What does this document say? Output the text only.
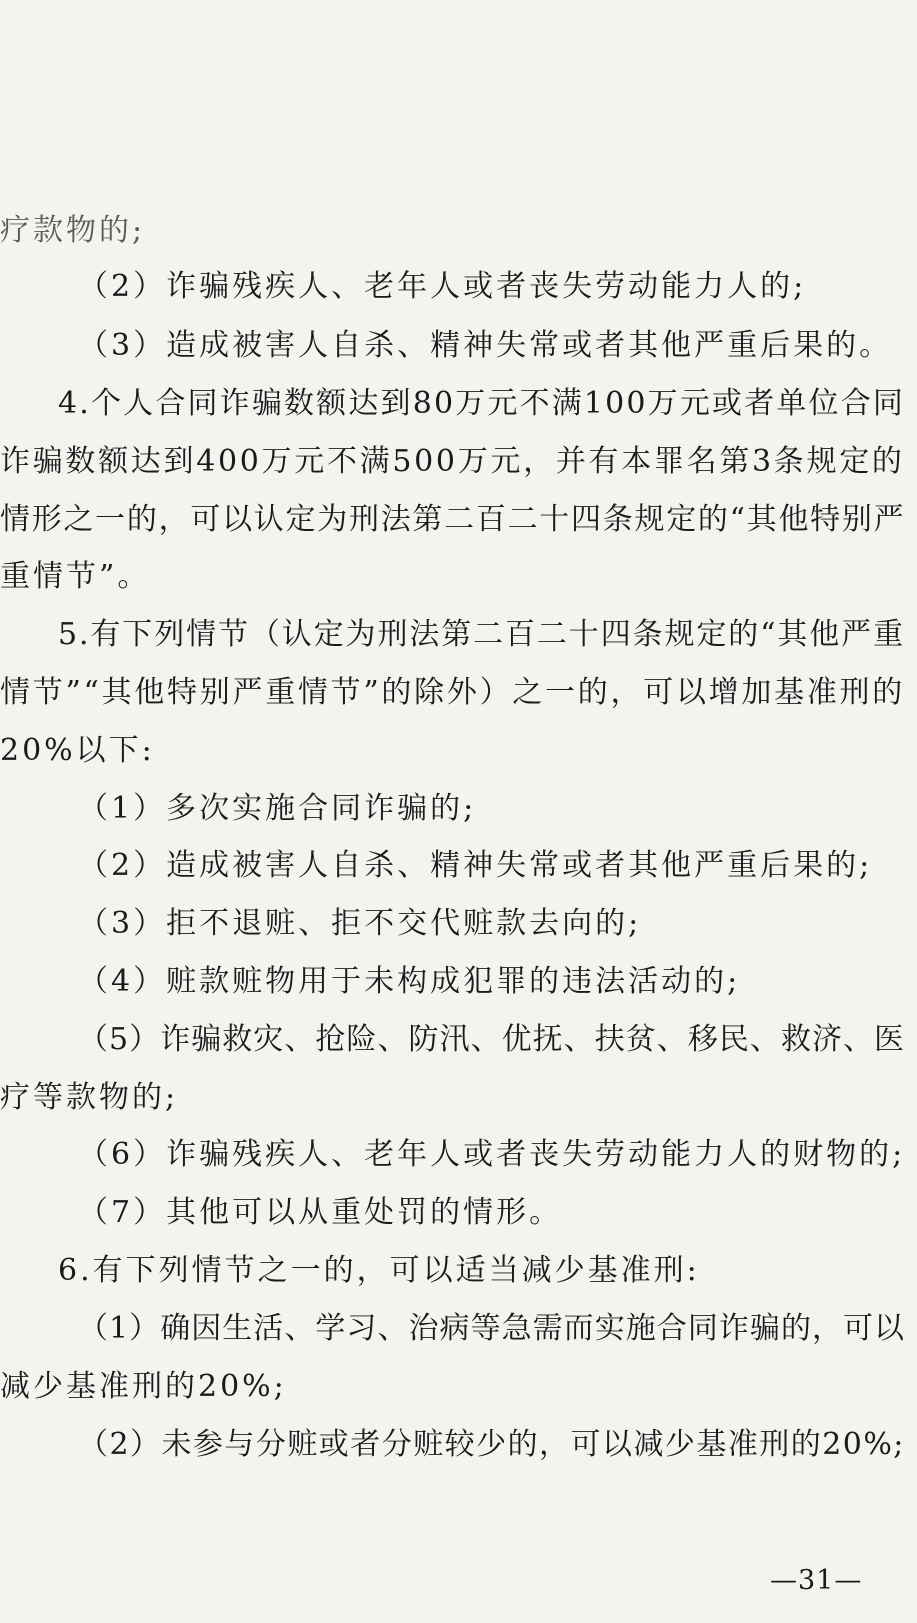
疗款物的;
（2）诈骗残疾人、老年人或者丧失劳动能力人的;
（3）造成被害人自杀、精神失常或者其他严重后果的。
4.个人合同诈骗数额达到80万元不满100万元或者单位合同
诈骗数额达到400万元不满500万元，并有本罪名第3条规定的
情形之一的，可以认定为刑法第二百二十四条规定的“其他特别严
重情节”。
5.有下列情节（认定为刑法第二百二十四条规定的“其他严重
情节”“其他特别严重情节”的除外）之一的，可以增加基准刑的
20%以下:
（1）多次实施合同诈骗的;
（2）造成被害人自杀、精神失常或者其他严重后果的;
（3）拒不退赃、拒不交代赃款去向的;
（4）赃款赃物用于未构成犯罪的违法活动的;
（5）诈骗救灾、抢险、防汛、优抚、扶贫、移民、救济、医
疗等款物的;
（6）诈骗残疾人、老年人或者丧失劳动能力人的财物的;
（7）其他可以从重处罚的情形。
6.有下列情节之一的，可以适当减少基准刑:
（1）确因生活、学习、治病等急需而实施合同诈骗的，可以
减少基准刑的20%;
（2）未参与分赃或者分赃较少的，可以减少基准刑的20%;
—31—
